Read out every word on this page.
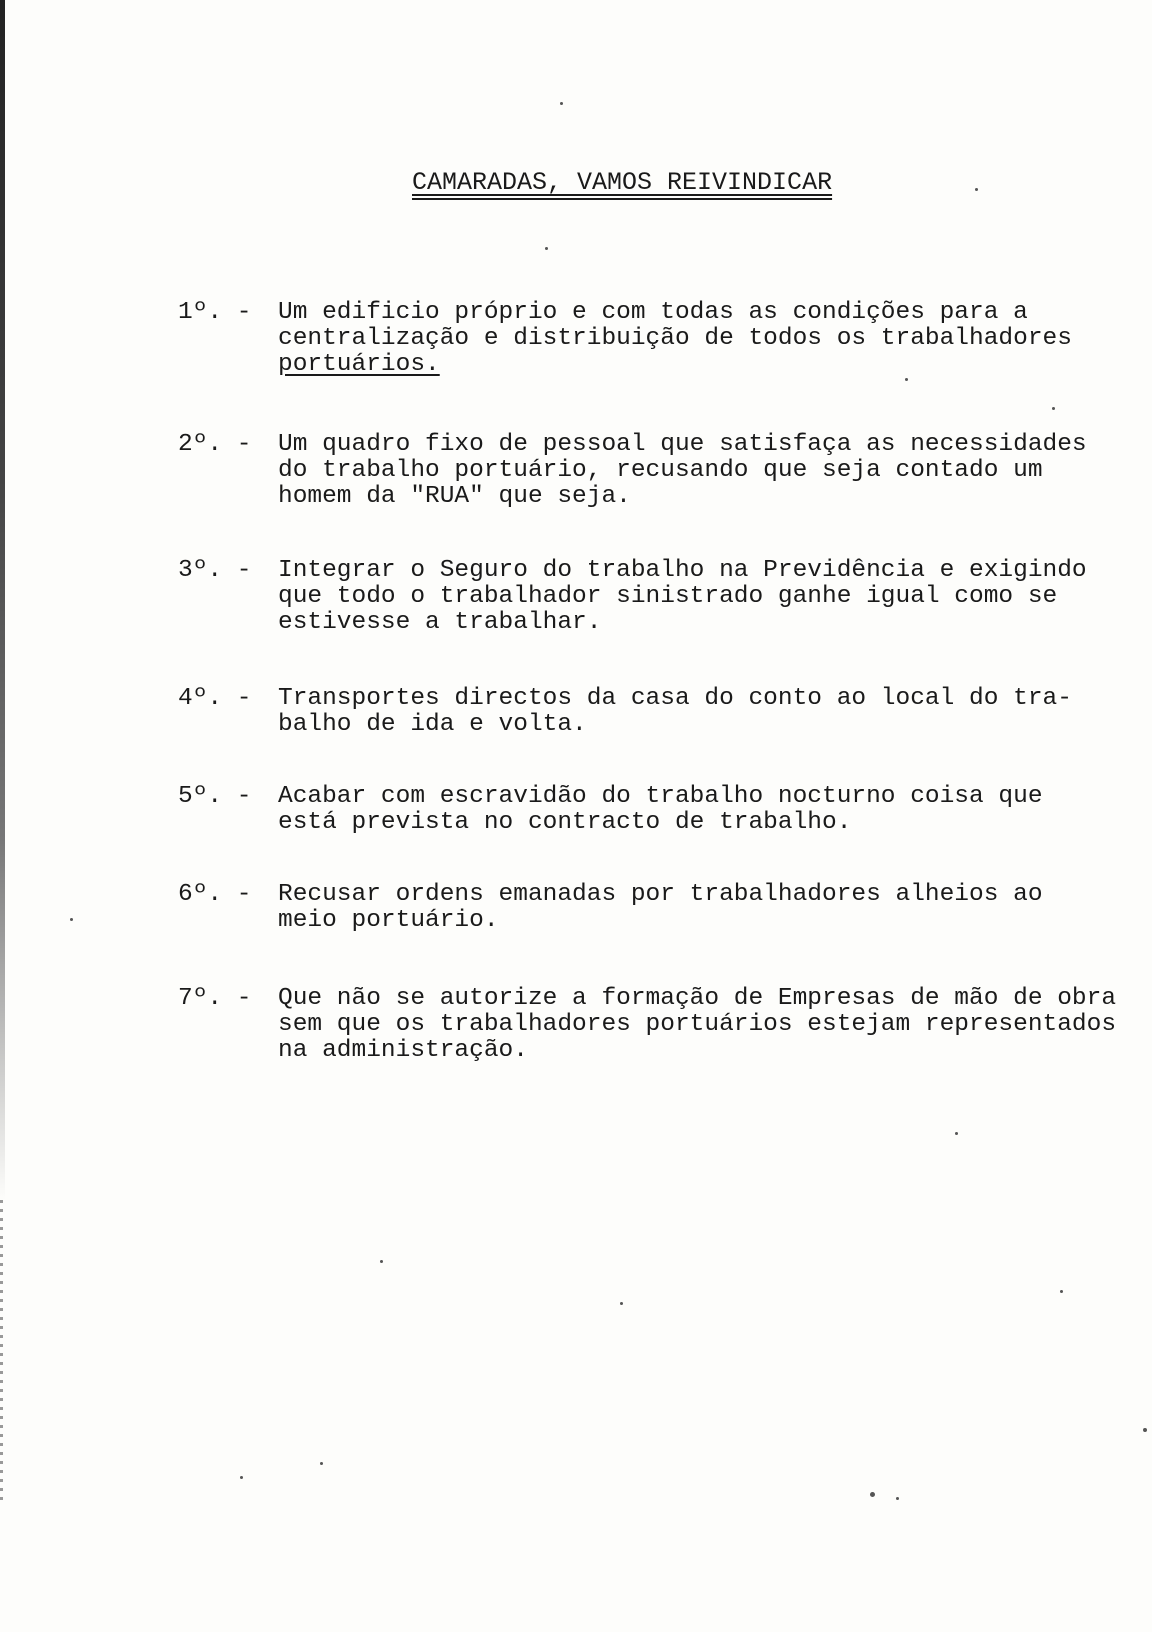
CAMARADAS, VAMOS REIVINDICAR
1º. -	Um edificio próprio e com todas as condições para a
centralização e distribuição de todos os trabalhadores
portuários.
2º. -	Um quadro fixo de pessoal que satisfaça as necessidades
do trabalho portuário, recusando que seja contado um
homem da "RUA" que seja.
3º. -	Integrar o Seguro do trabalho na Previdência e exigindo
que todo o trabalhador sinistrado ganhe igual como se
estivesse a trabalhar.
4º. -	Transportes directos da casa do conto ao local do tra-
balho de ida e volta.
5º. -	Acabar com escravidão do trabalho nocturno coisa que
está prevista no contracto de trabalho.
6º. -	Recusar ordens emanadas por trabalhadores alheios ao
meio portuário.
7º. -	Que não se autorize a formação de Empresas de mão de obra
sem que os trabalhadores portuários estejam representados
na administração.
